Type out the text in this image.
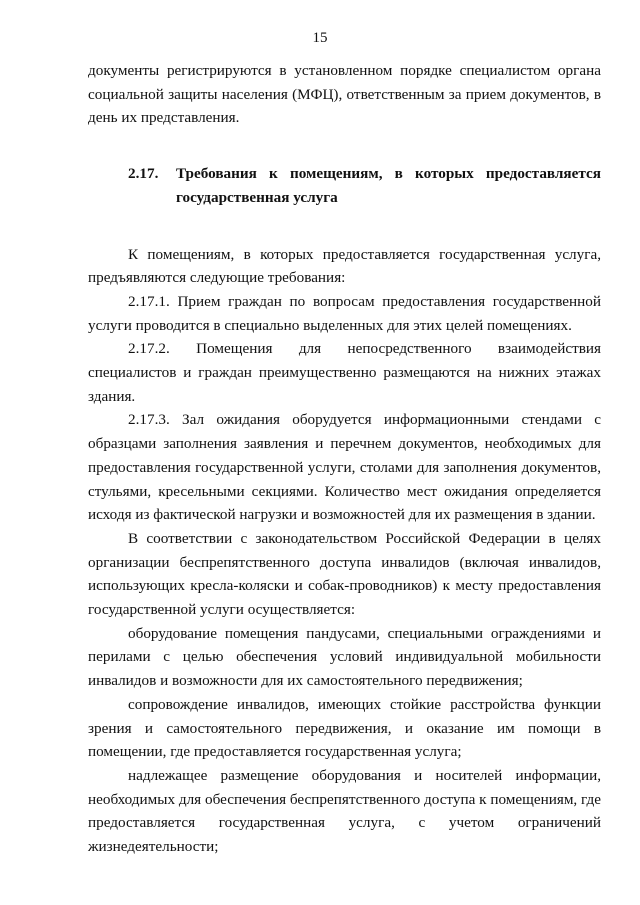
15

документы регистрируются в установленном порядке специалистом органа социальной защиты населения (МФЦ), ответственным за прием документов, в день их представления.

2.17.	Требования к помещениям, в которых предоставляется государственная услуга

К помещениям, в которых предоставляется государственная услуга, предъявляются следующие требования:

2.17.1. Прием граждан по вопросам предоставления государственной услуги проводится в специально выделенных для этих целей помещениях.

2.17.2. Помещения для непосредственного взаимодействия специалистов и граждан преимущественно размещаются на нижних этажах здания.

2.17.3. Зал ожидания оборудуется информационными стендами с образцами заполнения заявления и перечнем документов, необходимых для предоставления государственной услуги, столами для заполнения документов, стульями, кресельными секциями. Количество мест ожидания определяется исходя из фактической нагрузки и возможностей для их размещения в здании.

В соответствии с законодательством Российской Федерации в целях организации беспрепятственного доступа инвалидов (включая инвалидов, использующих кресла-коляски и собак-проводников) к месту предоставления государственной услуги осуществляется:

оборудование помещения пандусами, специальными ограждениями и перилами с целью обеспечения условий индивидуальной мобильности инвалидов и возможности для их самостоятельного передвижения;

сопровождение инвалидов, имеющих стойкие расстройства функции зрения и самостоятельного передвижения, и оказание им помощи в помещении, где предоставляется государственная услуга;

надлежащее размещение оборудования и носителей информации, необходимых для обеспечения беспрепятственного доступа к помещениям, где предоставляется государственная услуга, с учетом ограничений жизнедеятельности;
